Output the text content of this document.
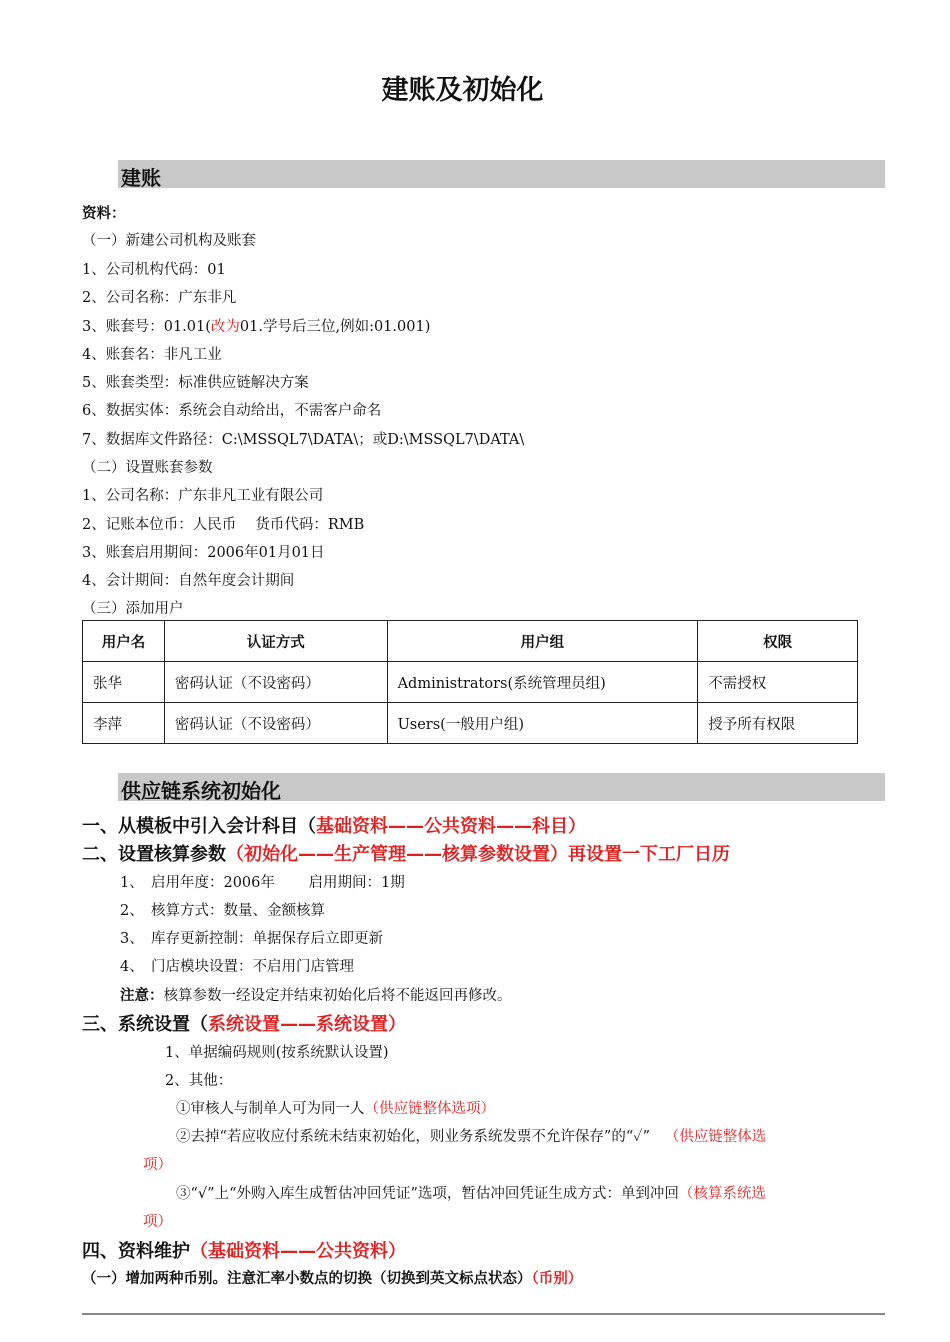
建账及初始化
建账
资料：
（一）新建公司机构及账套
1、公司机构代码：01
2、公司名称：广东非凡
3、账套号：01.01(改为01.学号后三位,例如:01.001)
4、账套名：非凡工业
5、账套类型：标准供应链解决方案
6、数据实体：系统会自动给出，不需客户命名
7、数据库文件路径：C:\MSSQL7\DATA\；或D:\MSSQL7\DATA\
（二）设置账套参数
1、公司名称：广东非凡工业有限公司
2、记账本位币：人民币　 货币代码：RMB
3、账套启用期间：2006年01月01日
4、会计期间：自然年度会计期间
（三）添加用户
用户名	认证方式	用户组	权限
张华	密码认证（不设密码）	Administrators(系统管理员组)	不需授权
李萍	密码认证（不设密码）	Users(一般用户组)	授予所有权限
供应链系统初始化
一、从模板中引入会计科目（基础资料——公共资料——科目）
二、设置核算参数（初始化——生产管理——核算参数设置）再设置一下工厂日历
1、　启用年度：2006年　　 启用期间：1期
2、　核算方式：数量、金额核算
3、　库存更新控制：单据保存后立即更新
4、　门店模块设置：不启用门店管理
注意：核算参数一经设定并结束初始化后将不能返回再修改。
三、系统设置（系统设置——系统设置）
1、单据编码规则(按系统默认设置)
2、其他：
①审核人与制单人可为同一人（供应链整体选项）
②去掉“若应收应付系统未结束初始化，则业务系统发票不允许保存”的“✓” （供应链整体选
项）
③“√”上“外购入库生成暂估冲回凭证”选项，暂估冲回凭证生成方式：单到冲回（核算系统选
项）
四、资料维护（基础资料——公共资料）
（一）增加两种币别。注意汇率小数点的切换（切换到英文标点状态）（币别）
